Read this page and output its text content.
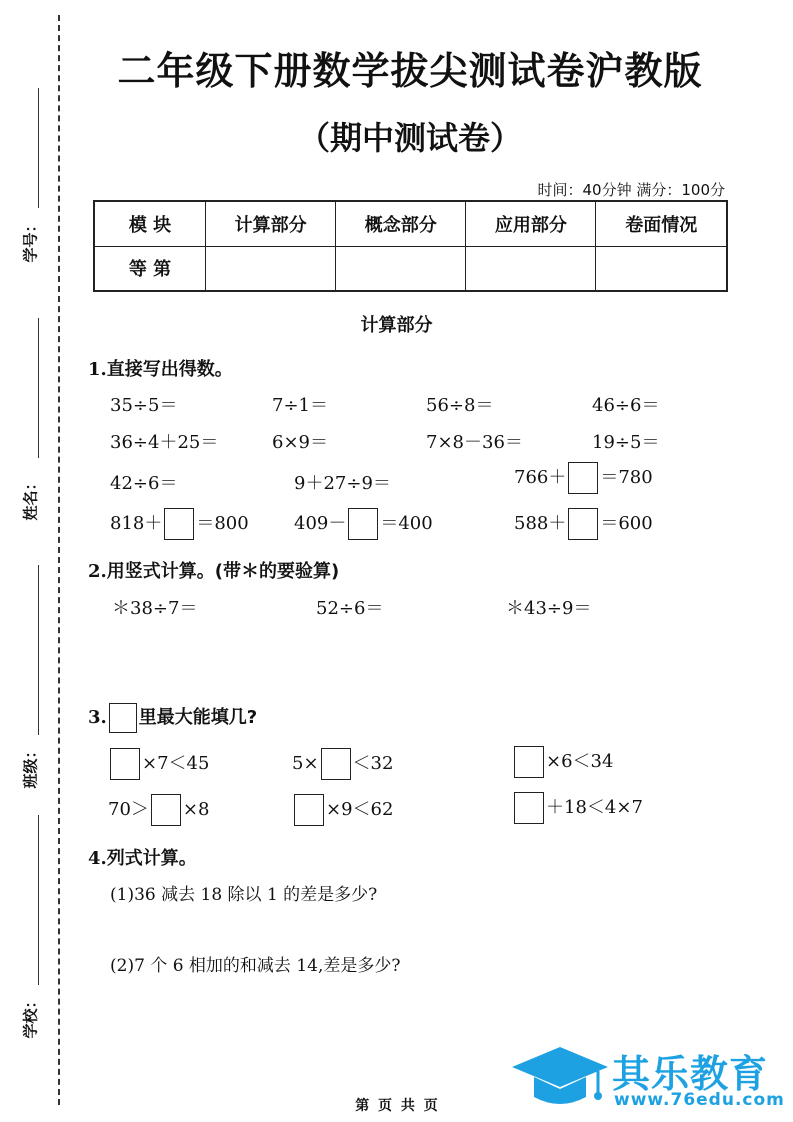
学号：
姓名：
班级：
学校：
二年级下册数学拔尖测试卷沪教版
（期中测试卷）
时间：40分钟 满分：100分
模 块	计算部分	概念部分	应用部分	卷面情况
等 第				
计算部分
1.直接写出得数。
35÷5＝	7÷1＝	56÷8＝	46÷6＝
36÷4＋25＝	6×9＝	7×8－36＝	19÷5＝
42÷6＝	9＋27÷9＝	766＋ ＝780
818＋ ＝800	409－ ＝400	588＋ ＝600
2.用竖式计算。(带＊的要验算)
＊38÷7＝	52÷6＝	＊43÷9＝
3. 里最大能填几?
×7＜45	5× ＜32	×6＜34
70＞ ×8	×9＜62	＋18＜4×7
4.列式计算。
(1)36 减去 18 除以 1 的差是多少?
(2)7 个 6 相加的和减去 14,差是多少?
其乐教育
www.76edu.com
第 页 共 页
